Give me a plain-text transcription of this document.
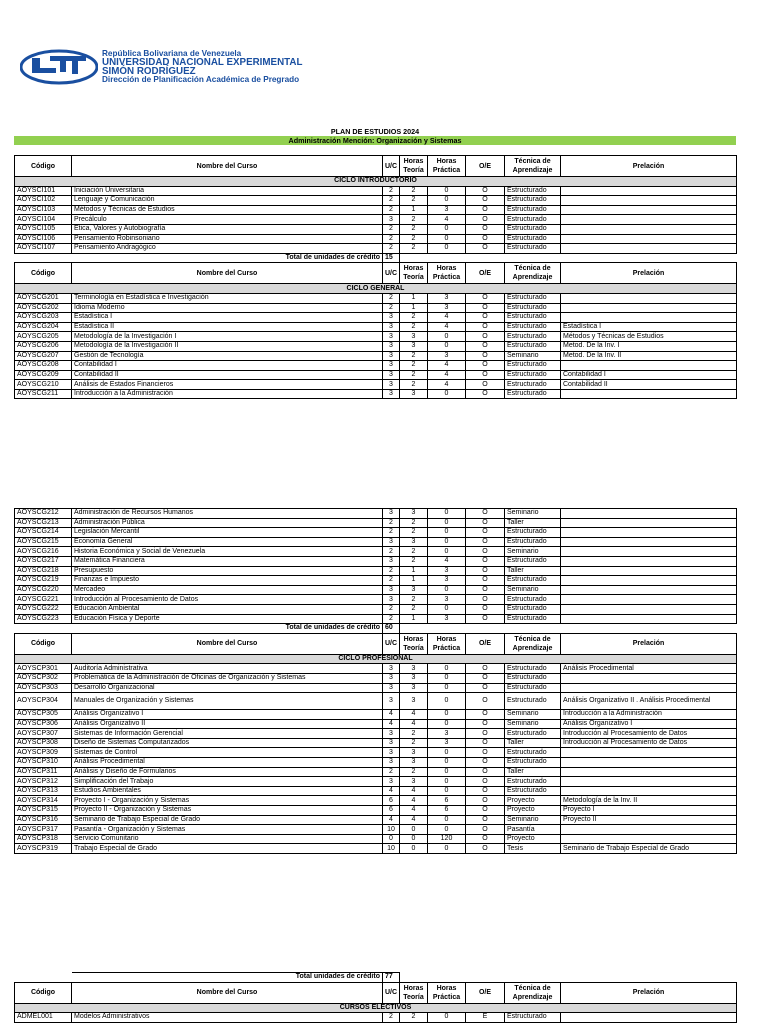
República Bolivariana de Venezuela
UNIVERSIDAD NACIONAL EXPERIMENTAL
SIMÓN RODRÍGUEZ
Dirección de Planificación Académica de Pregrado
PLAN DE ESTUDIOS 2024
Administración Mención: Organización y Sistemas
Código	Nombre del Curso	U/C	Horas Teoría	Horas Práctica	O/E	Técnica de Aprendizaje	Prelación
CICLO INTRODUCTORIO							
AOYSCI101	Iniciación Universitaria	2	2	0	O	Estructurado	
AOYSCI102	Lenguaje y Comunicación	2	2	0	O	Estructurado	
AOYSCI103	Métodos y Técnicas de Estudios	2	1	3	O	Estructurado	
AOYSCI104	Precálculo	3	2	4	O	Estructurado	
AOYSCI105	Ética, Valores y Autobiografía	2	2	0	O	Estructurado	
AOYSCI106	Pensamiento Robinsoniano	2	2	0	O	Estructurado	
AOYSCI107	Pensamiento Andragógico	2	2	0	O	Estructurado	
	Total de unidades de crédito	15					
Código	Nombre del Curso	U/C	Horas Teoría	Horas Práctica	O/E	Técnica de Aprendizaje	Prelación
CICLO GENERAL							
AOYSCG201	Terminología en Estadística e Investigación	2	1	3	O	Estructurado	
AOYSCG202	Idioma Moderno	2	1	3	O	Estructurado	
AOYSCG203	Estadística I	3	2	4	O	Estructurado	
AOYSCG204	Estadística II	3	2	4	O	Estructurado	Estadística I
AOYSCG205	Metodología de la Investigación I	3	3	0	O	Estructurado	Métodos y Técnicas de Estudios
AOYSCG206	Metodología de la Investigación II	3	3	0	O	Estructurado	Metod. De la Inv. I
AOYSCG207	Gestión de Tecnología	3	2	3	O	Seminario	Metod. De la Inv. II
AOYSCG208	Contabilidad I	3	2	4	O	Estructurado	
AOYSCG209	Contabilidad II	3	2	4	O	Estructurado	Contabilidad I
AOYSCG210	Análisis de Estados Financieros	3	2	4	O	Estructurado	Contabilidad II
AOYSCG211	Introducción a la Administración	3	3	0	O	Estructurado	
AOYSCG212	Administración de Recursos Humanos	3	3	0	O	Seminario	
AOYSCG213	Administración Pública	2	2	0	O	Taller	
AOYSCG214	Legislación Mercantil	2	2	0	O	Estructurado	
AOYSCG215	Economía General	3	3	0	O	Estructurado	
AOYSCG216	Historia Económica y Social de Venezuela	2	2	0	O	Seminario	
AOYSCG217	Matemática Financiera	3	2	4	O	Estructurado	
AOYSCG218	Presupuesto	2	1	3	O	Taller	
AOYSCG219	Finanzas e Impuesto	2	1	3	O	Estructurado	
AOYSCG220	Mercadeo	3	3	0	O	Seminario	
AOYSCG221	Introducción al Procesamiento de Datos	3	2	3	O	Estructurado	
AOYSCG222	Educación Ambiental	2	2	0	O	Estructurado	
AOYSCG223	Educación Física y Deporte	2	1	3	O	Estructurado	
	Total de unidades de crédito	60					
Código	Nombre del Curso	U/C	Horas Teoría	Horas Práctica	O/E	Técnica de Aprendizaje	Prelación
CICLO PROFESIONAL							
AOYSCP301	Auditoría Administrativa	3	3	0	O	Estructurado	Análisis Procedimental
AOYSCP302	Problemática de la Administración de Oficinas de Organización y Sistemas	3	3	0	O	Estructurado	
AOYSCP303	Desarrollo Organizacional	3	3	0	O	Estructurado	
AOYSCP304	Manuales de Organización y Sistemas	3	3	0	O	Estructurado	Análisis Organizativo II . Análisis Procedimental
AOYSCP305	Análisis Organizativo I	4	4	0	O	Seminario	Introducción a la Administración
AOYSCP306	Análisis Organizativo II	4	4	0	O	Seminario	Análisis Organizativo I
AOYSCP307	Sistemas de Información Gerencial	3	2	3	O	Estructurado	Introducción al Procesamiento de Datos
AOYSCP308	Diseño de Sistemas Computarizados	3	2	3	O	Taller	Introducción al Procesamiento de Datos
AOYSCP309	Sistemas de Control	3	3	0	O	Estructurado	
AOYSCP310	Análisis Procedimental	3	3	0	O	Estructurado	
AOYSCP311	Análisis y Diseño de Formularios	2	2	0	O	Taller	
AOYSCP312	Simplificación del Trabajo	3	3	0	O	Estructurado	
AOYSCP313	Estudios Ambientales	4	4	0	O	Estructurado	
AOYSCP314	Proyecto I - Organización y Sistemas	6	4	6	O	Proyecto	Metodología de la Inv. II
AOYSCP315	Proyecto II - Organización y Sistemas	6	4	6	O	Proyecto	Proyecto I
AOYSCP316	Seminario de Trabajo Especial de Grado	4	4	0	O	Seminario	Proyecto II
AOYSCP317	Pasantía - Organización y Sistemas	10	0	0	O	Pasantía	
AOYSCP318	Servicio Comunitario	0	0	120	O	Proyecto	
AOYSCP319	Trabajo Especial de Grado	10	0	0	O	Tesis	Seminario de Trabajo Especial de Grado
	Total unidades de crédito	77					
Código	Nombre del Curso	U/C	Horas Teoría	Horas Práctica	O/E	Técnica de Aprendizaje	Prelación
CURSOS ELECTIVOS							
ADMEL001	Modelos Administrativos	2	2	0	E	Estructurado	
